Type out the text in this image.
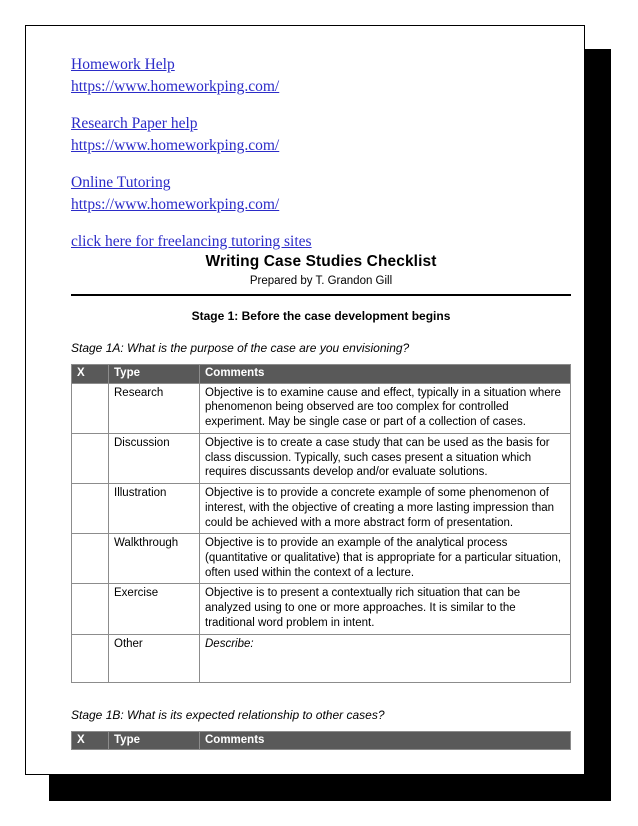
Homework Help
https://www.homeworkping.com/
Research Paper help
https://www.homeworkping.com/
Online Tutoring
https://www.homeworkping.com/
click here for freelancing tutoring sites
Writing Case Studies Checklist
Prepared by T. Grandon Gill
Stage 1: Before the case development begins
Stage 1A: What is the purpose of the case are you envisioning?
X	Type	Comments
	Research	Objective is to examine cause and effect, typically in a situation where phenomenon being observed are too complex for controlled experiment. May be single case or part of a collection of cases.
	Discussion	Objective is to create a case study that can be used as the basis for class discussion. Typically, such cases present a situation which requires discussants develop and/or evaluate solutions.
	Illustration	Objective is to provide a concrete example of some phenomenon of interest, with the objective of creating a more lasting impression than could be achieved with a more abstract form of presentation.
	Walkthrough	Objective is to provide an example of the analytical process (quantitative or qualitative) that is appropriate for a particular situation, often used within the context of a lecture.
	Exercise	Objective is to present a contextually rich situation that can be analyzed using to one or more approaches. It is similar to the traditional word problem in intent.
	Other	Describe:
Stage 1B: What is its expected relationship to other cases?
X	Type	Comments
